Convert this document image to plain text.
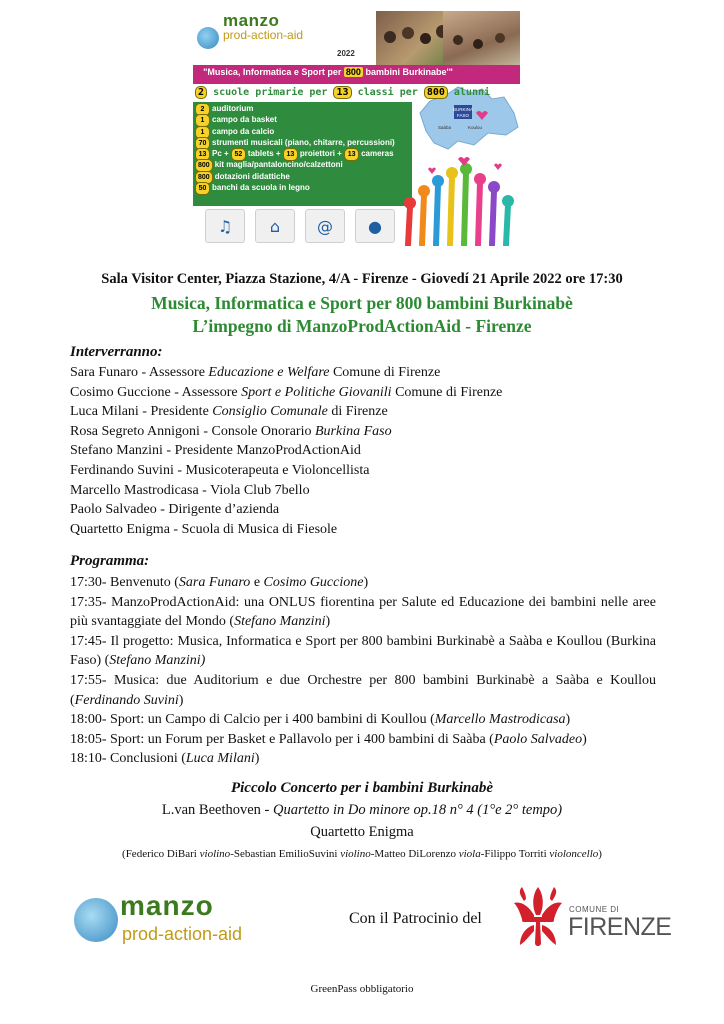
manzo
prod-action-aid
2022
"Musica, Informatica e Sport per 800 bambini Burkinabe'"
BURKINA
FASO
Saàba	Koulou
2 scuole primarie per 13 classi per 800 alunni
2 auditorium
1 campo da basket
1 campo da calcio
70 strumenti musicali (piano, chitarre, percussioni)
13 Pc + 52 tablets + 13 proiettori + 13 cameras
800 kit maglia/pantaloncino/calzettoni
800 dotazioni didattiche
50 banchi da scuola in legno
♫	⌂	@	●
Sala Visitor Center, Piazza Stazione, 4/A - Firenze - Giovedí 21 Aprile 2022 ore 17:30
Musica, Informatica e Sport per 800 bambini Burkinabè
L’impegno di ManzoProdActionAid - Firenze
Interverranno:
Sara Funaro - Assessore Educazione e Welfare Comune di Firenze
Cosimo Guccione - Assessore Sport e Politiche Giovanili Comune di Firenze
Luca Milani - Presidente Consiglio Comunale di Firenze
Rosa Segreto Annigoni - Console Onorario Burkina Faso
Stefano Manzini - Presidente ManzoProdActionAid
Ferdinando Suvini - Musicoterapeuta e Violoncellista
Marcello Mastrodicasa - Viola Club 7bello
Paolo Salvadeo - Dirigente d’azienda
Quartetto Enigma - Scuola di Musica di Fiesole
Programma:
17:30- Benvenuto (Sara Funaro e Cosimo Guccione)
17:35- ManzoProdActionAid: una ONLUS fiorentina per Salute ed Educazione dei bambini nelle aree più svantaggiate del Mondo (Stefano Manzini)
17:45- Il progetto: Musica, Informatica e Sport per 800 bambini Burkinabè a Saàba e Koullou (Burkina Faso) (Stefano Manzini)
17:55- Musica: due Auditorium e due Orchestre per 800 bambini Burkinabè a Saàba e Koullou (Ferdinando Suvini)
18:00- Sport: un Campo di Calcio per i 400 bambini di Koullou (Marcello Mastrodicasa)
18:05- Sport: un Forum per Basket e Pallavolo per i 400 bambini di Saàba (Paolo Salvadeo)
18:10- Conclusioni (Luca Milani)
Piccolo Concerto per i bambini Burkinabè
L.van Beethoven - Quartetto in Do minore op.18 n° 4 (1°e 2° tempo)
Quartetto Enigma
(Federico DiBari violino-Sebastian EmilioSuvini violino-Matteo DiLorenzo viola-Filippo Torriti violoncello)
manzo
prod-action-aid
Con il Patrocinio del
COMUNE DI
FIRENZE
GreenPass obbligatorio
